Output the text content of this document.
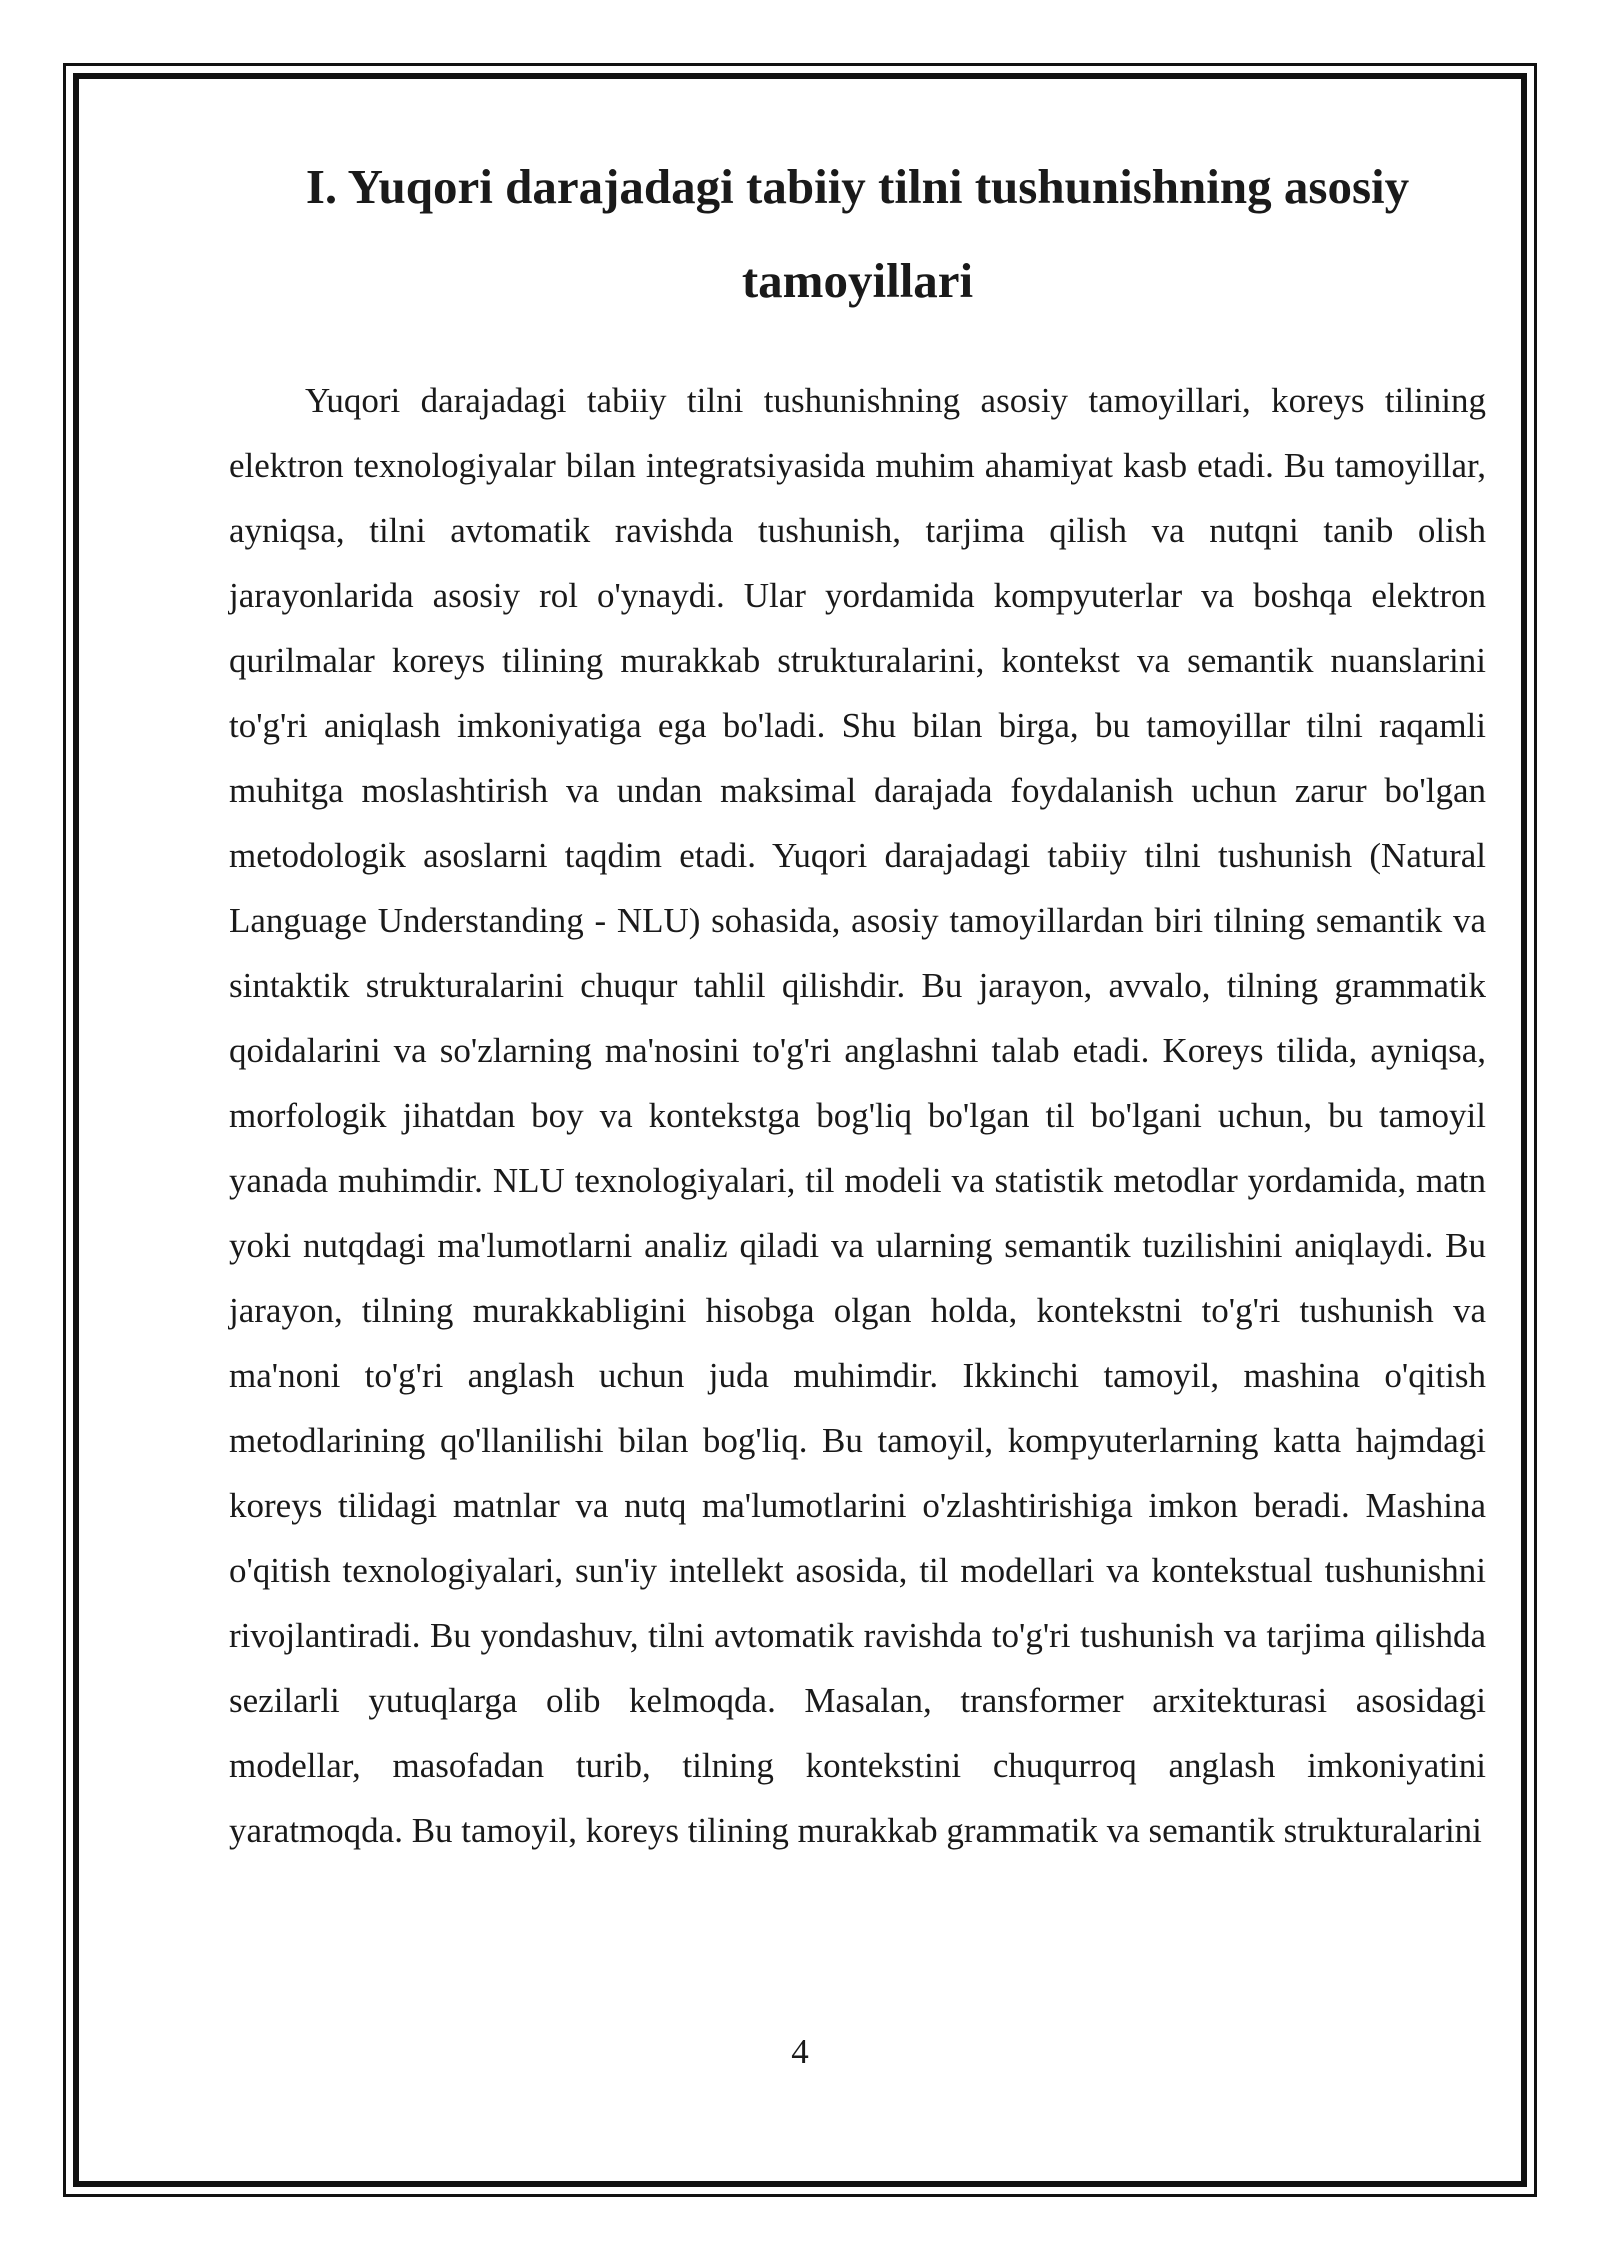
I. Yuqori darajadagi tabiiy tilni tushunishning asosiy tamoyillari

Yuqori darajadagi tabiiy tilni tushunishning asosiy tamoyillari, koreys tilining elektron texnologiyalar bilan integratsiyasida muhim ahamiyat kasb etadi. Bu tamoyillar, ayniqsa, tilni avtomatik ravishda tushunish, tarjima qilish va nutqni tanib olish jarayonlarida asosiy rol o'ynaydi. Ular yordamida kompyuterlar va boshqa elektron qurilmalar koreys tilining murakkab strukturalarini, kontekst va semantik nuanslarini to'g'ri aniqlash imkoniyatiga ega bo'ladi. Shu bilan birga, bu tamoyillar tilni raqamli muhitga moslashtirish va undan maksimal darajada foydalanish uchun zarur bo'lgan metodologik asoslarni taqdim etadi. Yuqori darajadagi tabiiy tilni tushunish (Natural Language Understanding - NLU) sohasida, asosiy tamoyillardan biri tilning semantik va sintaktik strukturalarini chuqur tahlil qilishdir. Bu jarayon, avvalo, tilning grammatik qoidalarini va so'zlarning ma'nosini to'g'ri anglashni talab etadi. Koreys tilida, ayniqsa, morfologik jihatdan boy va kontekstga bog'liq bo'lgan til bo'lgani uchun, bu tamoyil yanada muhimdir. NLU texnologiyalari, til modeli va statistik metodlar yordamida, matn yoki nutqdagi ma'lumotlarni analiz qiladi va ularning semantik tuzilishini aniqlaydi. Bu jarayon, tilning murakkabligini hisobga olgan holda, kontekstni to'g'ri tushunish va ma'noni to'g'ri anglash uchun juda muhimdir. Ikkinchi tamoyil, mashina o'qitish metodlarining qo'llanilishi bilan bog'liq. Bu tamoyil, kompyuterlarning katta hajmdagi koreys tilidagi matnlar va nutq ma'lumotlarini o'zlashtirishiga imkon beradi. Mashina o'qitish texnologiyalari, sun'iy intellekt asosida, til modellari va kontekstual tushunishni rivojlantiradi. Bu yondashuv, tilni avtomatik ravishda to'g'ri tushunish va tarjima qilishda sezilarli yutuqlarga olib kelmoqda. Masalan, transformer arxitekturasi asosidagi modellar, masofadan turib, tilning kontekstini chuqurroq anglash imkoniyatini yaratmoqda. Bu tamoyil, koreys tilining murakkab grammatik va semantik strukturalarini

4
